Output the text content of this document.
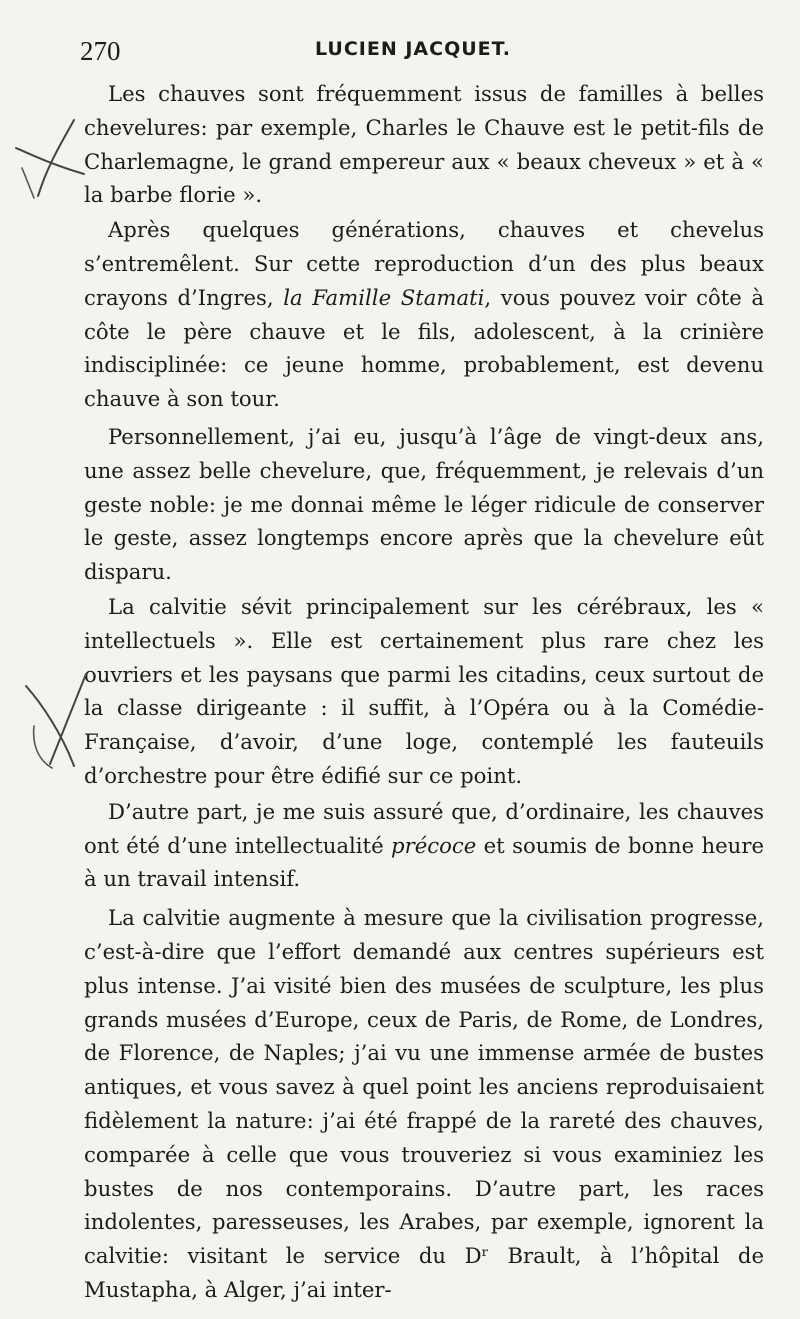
270	LUCIEN JACQUET.

Les chauves sont fréquemment issus de familles à belles chevelures: par exemple, Charles le Chauve est le petit-fils de Charlemagne, le grand empereur aux « beaux cheveux » et à « la barbe florie ».

Après quelques générations, chauves et chevelus s’entremêlent. Sur cette reproduction d’un des plus beaux crayons d’Ingres, la Famille Stamati, vous pouvez voir côte à côte le père chauve et le fils, adolescent, à la crinière indisciplinée: ce jeune homme, probablement, est devenu chauve à son tour.

Personnellement, j’ai eu, jusqu’à l’âge de vingt-deux ans, une assez belle chevelure, que, fréquemment, je relevais d’un geste noble: je me donnai même le léger ridicule de conserver le geste, assez longtemps encore après que la chevelure eût disparu.

La calvitie sévit principalement sur les cérébraux, les « intellectuels ». Elle est certainement plus rare chez les ouvriers et les paysans que parmi les citadins, ceux surtout de la classe dirigeante : il suffit, à l’Opéra ou à la Comédie-Française, d’avoir, d’une loge, contemplé les fauteuils d’orchestre pour être édifié sur ce point.

D’autre part, je me suis assuré que, d’ordinaire, les chauves ont été d’une intellectualité précoce et soumis de bonne heure à un travail intensif.

La calvitie augmente à mesure que la civilisation progresse, c’est-à-dire que l’effort demandé aux centres supérieurs est plus intense. J’ai visité bien des musées de sculpture, les plus grands musées d’Europe, ceux de Paris, de Rome, de Londres, de Florence, de Naples; j’ai vu une immense armée de bustes antiques, et vous savez à quel point les anciens reproduisaient fidèlement la nature: j’ai été frappé de la rareté des chauves, comparée à celle que vous trouveriez si vous examiniez les bustes de nos contemporains. D’autre part, les races indolentes, paresseuses, les Arabes, par exemple, ignorent la calvitie: visitant le service du Dʳ Brault, à l’hôpital de Mustapha, à Alger, j’ai inter-
